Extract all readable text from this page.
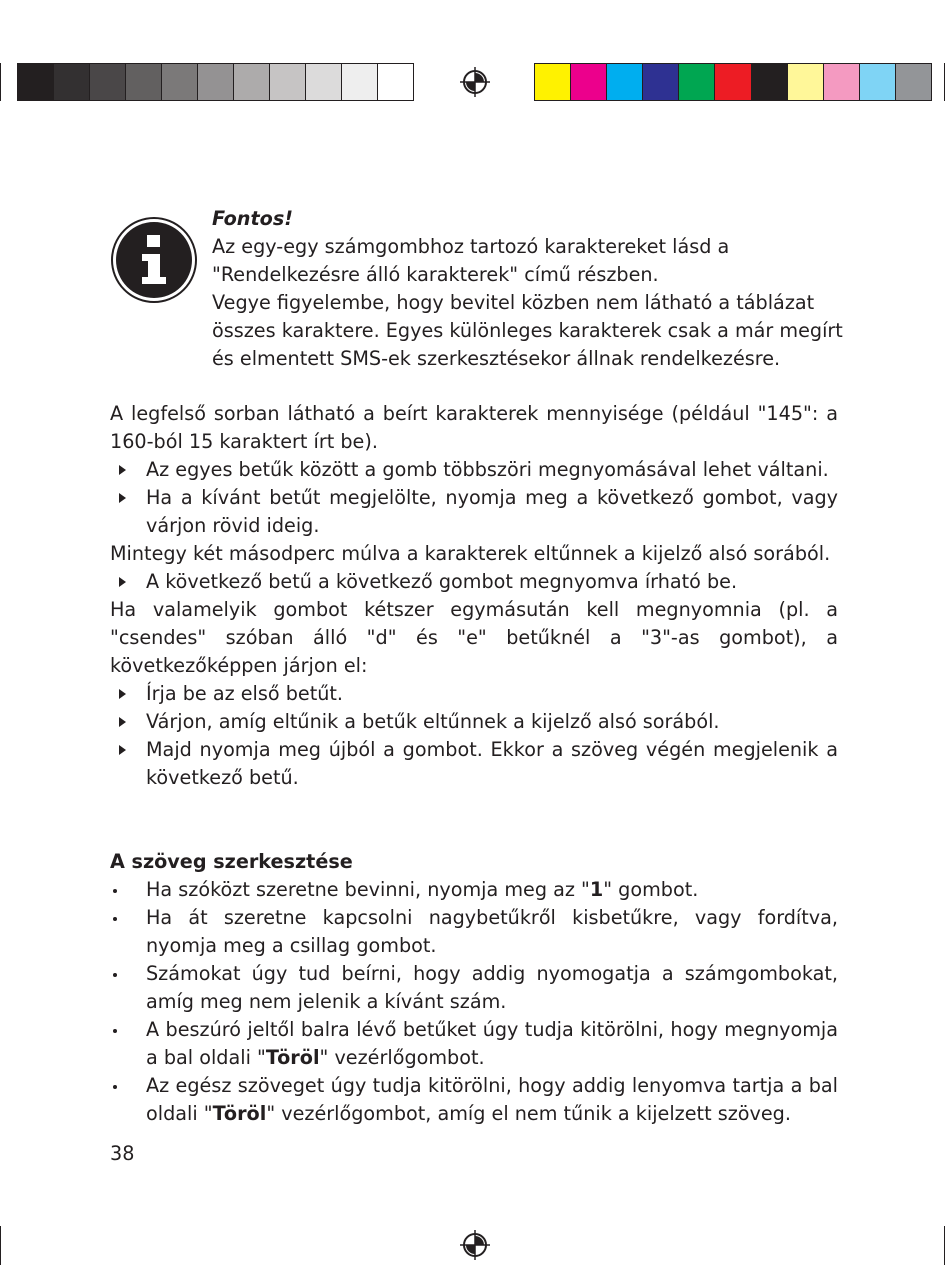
Fontos!
Az egy-egy számgombhoz tartozó karaktereket lásd a
"Rendelkezésre álló karakterek" című részben.
Vegye figyelembe, hogy bevitel közben nem látható a táblázat
összes karaktere. Egyes különleges karakterek csak a már megírt
és elmentett SMS-ek szerkesztésekor állnak rendelkezésre.

A legfelső sorban látható a beírt karakterek mennyisége (például "145": a 160-ból 15 karaktert írt be).

Az egyes betűk között a gomb többszöri megnyomásával lehet váltani.
Ha a kívánt betűt megjelölte, nyomja meg a következő gombot, vagy várjon rövid ideig.

Mintegy két másodperc múlva a karakterek eltűnnek a kijelző alsó sorából.

A következő betű a következő gombot megnyomva írható be.

Ha valamelyik gombot kétszer egymásután kell megnyomnia (pl. a "csendes" szóban álló "d" és "e" betűknél a "3"-as gombot), a következőképpen járjon el:

Írja be az első betűt.
Várjon, amíg eltűnik a betűk eltűnnek a kijelző alsó sorából.
Majd nyomja meg újból a gombot. Ekkor a szöveg végén megjelenik a következő betű.
A szöveg szerkesztése
Ha szóközt szeretne bevinni, nyomja meg az "1" gombot.
Ha át szeretne kapcsolni nagybetűkről kisbetűkre, vagy fordítva, nyomja meg a csillag gombot.
Számokat úgy tud beírni, hogy addig nyomogatja a számgombokat, amíg meg nem jelenik a kívánt szám.
A beszúró jeltől balra lévő betűket úgy tudja kitörölni, hogy megnyomja a bal oldali "Töröl" vezérlőgombot.
Az egész szöveget úgy tudja kitörölni, hogy addig lenyomva tartja a bal oldali "Töröl" vezérlőgombot, amíg el nem tűnik a kijelzett szöveg.
38
